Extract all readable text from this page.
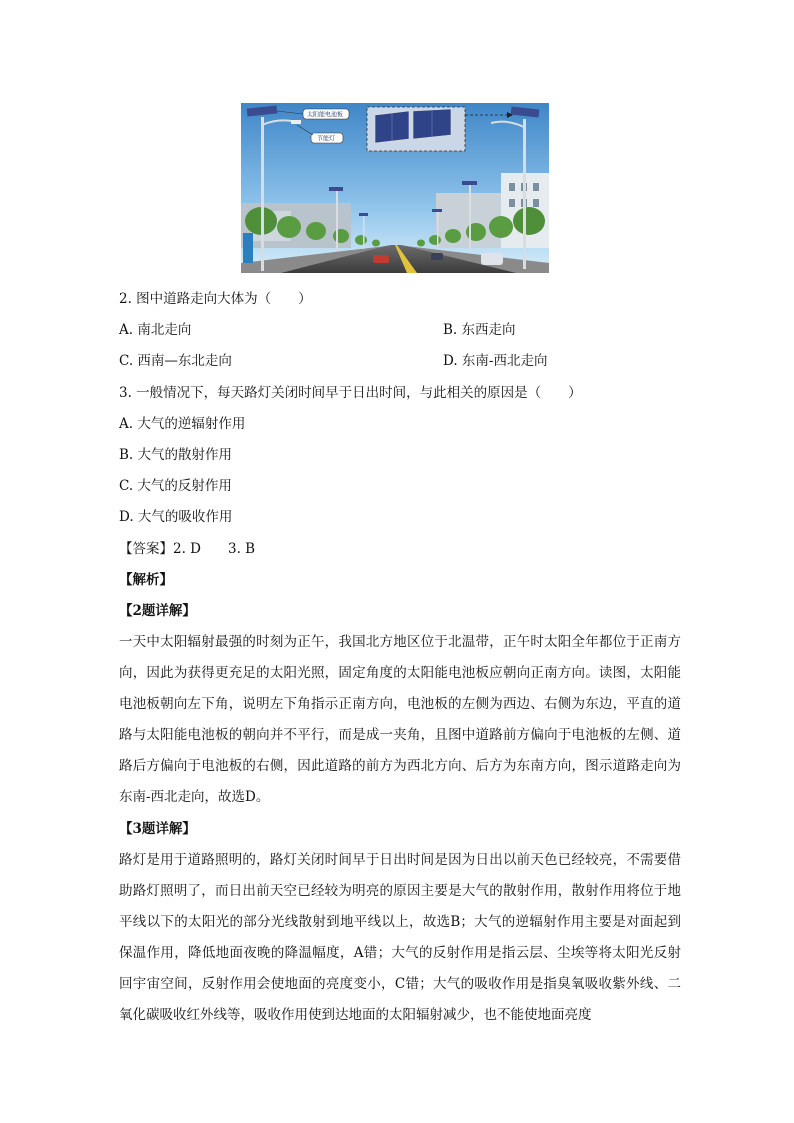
太阳能电池板
节能灯
2. 图中道路走向大体为（　　）
A. 南北走向	B. 东西走向
C. 西南—东北走向	D. 东南-西北走向
3. 一般情况下，每天路灯关闭时间早于日出时间，与此相关的原因是（　　）
A. 大气的逆辐射作用
B. 大气的散射作用
C. 大气的反射作用
D. 大气的吸收作用
【答案】2. D　　3. B
【解析】
【2题详解】
一天中太阳辐射最强的时刻为正午，我国北方地区位于北温带，正午时太阳全年都位于正南方向，因此为获得更充足的太阳光照，固定角度的太阳能电池板应朝向正南方向。读图，太阳能电池板朝向左下角，说明左下角指示正南方向，电池板的左侧为西边、右侧为东边，平直的道路与太阳能电池板的朝向并不平行，而是成一夹角，且图中道路前方偏向于电池板的左侧、道路后方偏向于电池板的右侧，因此道路的前方为西北方向、后方为东南方向，图示道路走向为东南-西北走向，故选D。
【3题详解】
路灯是用于道路照明的，路灯关闭时间早于日出时间是因为日出以前天色已经较亮，不需要借助路灯照明了，而日出前天空已经较为明亮的原因主要是大气的散射作用，散射作用将位于地平线以下的太阳光的部分光线散射到地平线以上，故选B；大气的逆辐射作用主要是对面起到保温作用，降低地面夜晚的降温幅度，A错；大气的反射作用是指云层、尘埃等将太阳光反射回宇宙空间，反射作用会使地面的亮度变小，C错；大气的吸收作用是指臭氧吸收紫外线、二氧化碳吸收红外线等，吸收作用使到达地面的太阳辐射减少，也不能使地面亮度
